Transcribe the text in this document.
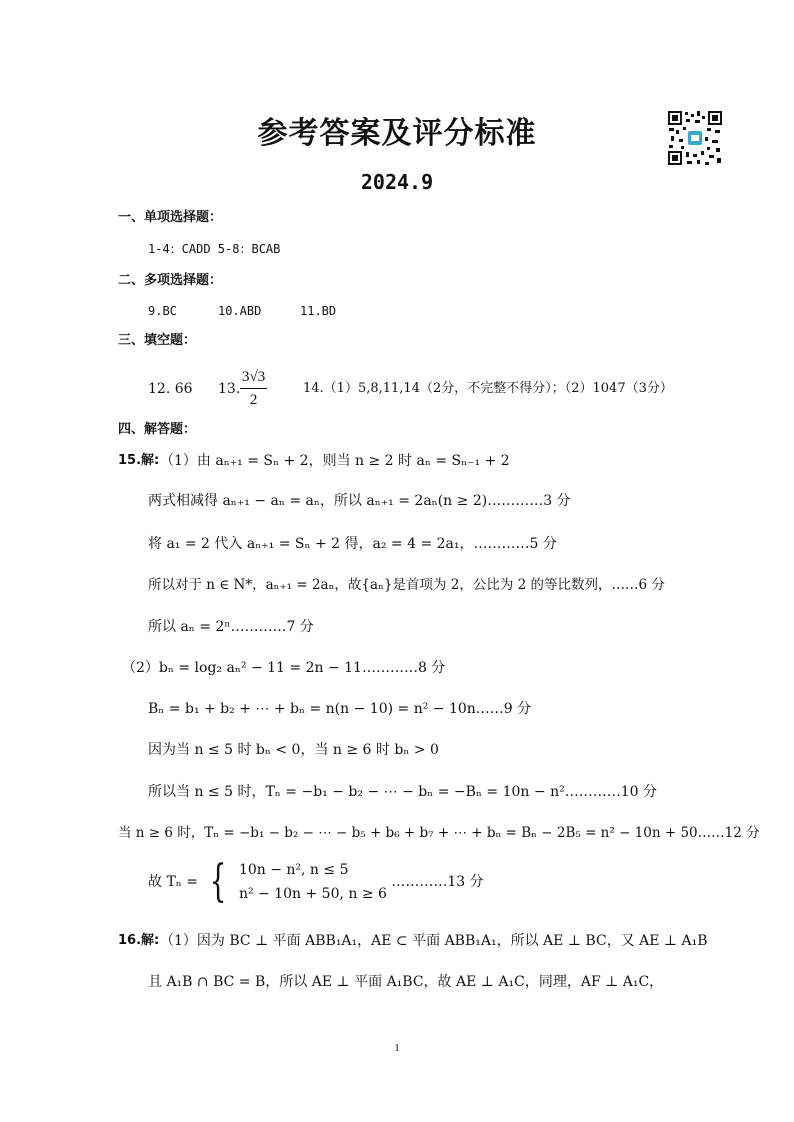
参考答案及评分标准
2024.9
一、单项选择题：
1-4：CADD 5-8：BCAB
二、多项选择题：
9.BC	10.ABD	11.BD
三、填空题：
12. 66 13. $\frac{3√3}{2}$	14.（1）5,8,11,14（2分，不完整不得分）；（2）1047（3分）
四、解答题：
15.解: （1）由 aₙ₊₁ = Sₙ + 2，则当 n ≥ 2 时 aₙ = Sₙ₋₁ + 2
两式相减得 aₙ₊₁ − aₙ = aₙ，所以 aₙ₊₁ = 2aₙ(n ≥ 2)…………3 分
将 a₁ = 2 代入 aₙ₊₁ = Sₙ + 2 得，a₂ = 4 = 2a₁，…………5 分
所以对于 n ∈ N*，aₙ₊₁ = 2aₙ，故{aₙ}是首项为 2，公比为 2 的等比数列，……6 分
所以 aₙ = 2ⁿ…………7 分
（2）bₙ = log₂ aₙ² − 11 = 2n − 11…………8 分
Bₙ = b₁ + b₂ + ⋯ + bₙ = n(n − 10) = n² − 10n……9 分
因为当 n ≤ 5 时 bₙ < 0，当 n ≥ 6 时 bₙ > 0
所以当 n ≤ 5 时，Tₙ = −b₁ − b₂ − ⋯ − bₙ = −Bₙ = 10n − n²…………10 分
当 n ≥ 6 时，Tₙ = −b₁ − b₂ − ⋯ − b₅ + b₆ + b₇ + ⋯ + bₙ = Bₙ − 2B₅ = n² − 10n + 50……12 分
故 Tₙ = {
10n − n², n ≤ 5
n² − 10n + 50, n ≥ 6
…………13 分
16.解: （1）因为 BC ⊥ 平面 ABB₁A₁，AE ⊂ 平面 ABB₁A₁，所以 AE ⊥ BC，又 AE ⊥ A₁B
且 A₁B ∩ BC = B，所以 AE ⊥ 平面 A₁BC，故 AE ⊥ A₁C，同理，AF ⊥ A₁C，
1
